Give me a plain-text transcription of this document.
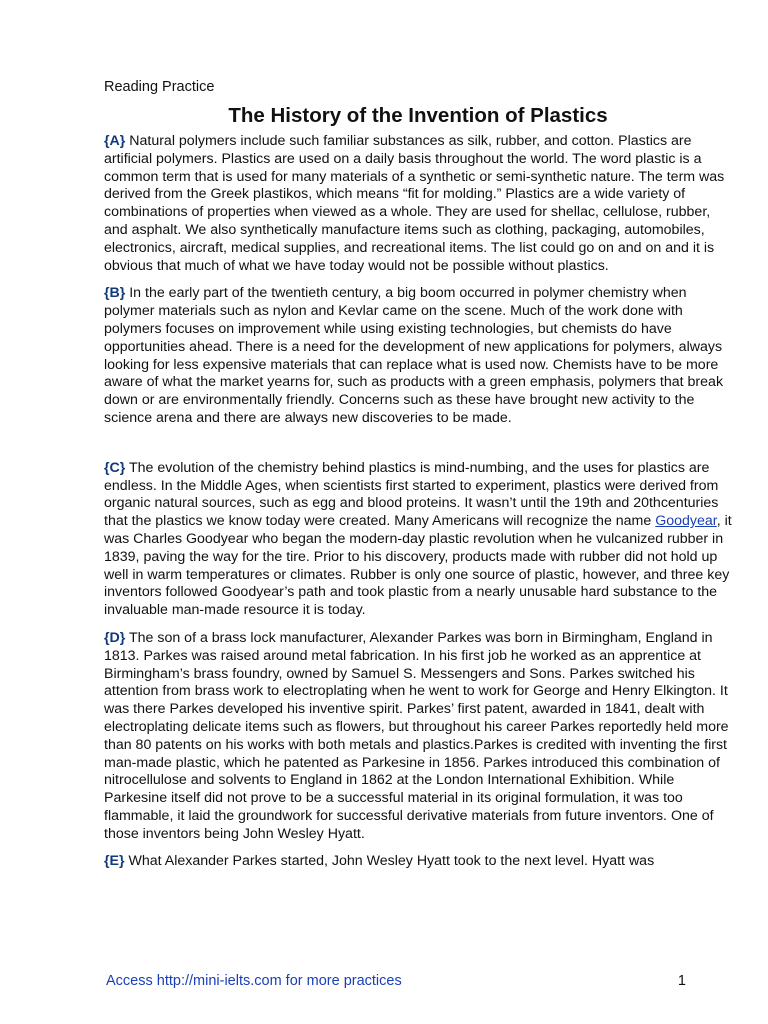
Reading Practice

The History of the Invention of Plastics

{A} Natural polymers include such familiar substances as silk, rubber, and cotton. Plastics are artificial polymers. Plastics are used on a daily basis throughout the world. The word plastic is a common term that is used for many materials of a synthetic or semi-synthetic nature. The term was derived from the Greek plastikos, which means “fit for molding.” Plastics are a wide variety of combinations of properties when viewed as a whole. They are used for shellac, cellulose, rubber, and asphalt. We also synthetically manufacture items such as clothing, packaging, automobiles, electronics, aircraft, medical supplies, and recreational items. The list could go on and on and it is obvious that much of what we have today would not be possible without plastics.

{B} In the early part of the twentieth century, a big boom occurred in polymer chemistry when polymer materials such as nylon and Kevlar came on the scene. Much of the work done with polymers focuses on improvement while using existing technologies, but chemists do have opportunities ahead. There is a need for the development of new applications for polymers, always looking for less expensive materials that can replace what is used now. Chemists have to be more aware of what the market yearns for, such as products with a green emphasis, polymers that break down or are environmentally friendly. Concerns such as these have brought new activity to the science arena and there are always new discoveries to be made.

{C} The evolution of the chemistry behind plastics is mind-numbing, and the uses for plastics are endless. In the Middle Ages, when scientists first started to experiment, plastics were derived from organic natural sources, such as egg and blood proteins. It wasn’t until the 19th and 20thcenturies that the plastics we know today were created. Many Americans will recognize the name Goodyear, it was Charles Goodyear who began the modern-day plastic revolution when he vulcanized rubber in 1839, paving the way for the tire. Prior to his discovery, products made with rubber did not hold up well in warm temperatures or climates. Rubber is only one source of plastic, however, and three key inventors followed Goodyear’s path and took plastic from a nearly unusable hard substance to the invaluable man-made resource it is today.

{D} The son of a brass lock manufacturer, Alexander Parkes was born in Birmingham, England in 1813. Parkes was raised around metal fabrication. In his first job he worked as an apprentice at Birmingham’s brass foundry, owned by Samuel S. Messengers and Sons. Parkes switched his attention from brass work to electroplating when he went to work for George and Henry Elkington. It was there Parkes developed his inventive spirit. Parkes’ first patent, awarded in 1841, dealt with electroplating delicate items such as flowers, but throughout his career Parkes reportedly held more than 80 patents on his works with both metals and plastics.Parkes is credited with inventing the first man-made plastic, which he patented as Parkesine in 1856. Parkes introduced this combination of nitrocellulose and solvents to England in 1862 at the London International Exhibition. While Parkesine itself did not prove to be a successful material in its original formulation, it was too flammable, it laid the groundwork for successful derivative materials from future inventors. One of those inventors being John Wesley Hyatt.

{E} What Alexander Parkes started, John Wesley Hyatt took to the next level. Hyatt was

Access http://mini-ielts.com for more practices	1
